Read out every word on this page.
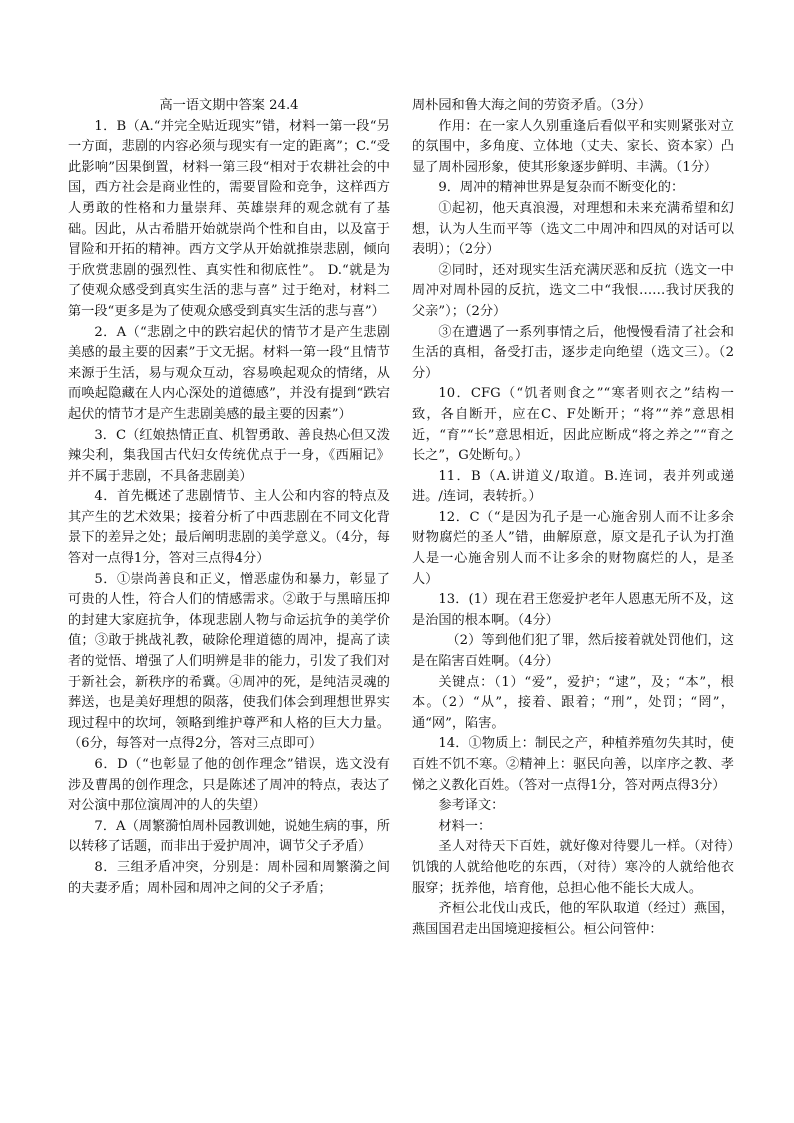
高一语文期中答案 24.4

1．B（A.“并完全贴近现实”错，材料一第一段“另一方面，悲剧的内容必须与现实有一定的距离”；C.“受此影响”因果倒置，材料一第三段“相对于农耕社会的中国，西方社会是商业性的，需要冒险和竞争，这样西方人勇敢的性格和力量崇拜、英雄崇拜的观念就有了基础。因此，从古希腊开始就崇尚个性和自由，以及富于冒险和开拓的精神。西方文学从开始就推崇悲剧，倾向于欣赏悲剧的强烈性、真实性和彻底性”。 D.“就是为了使观众感受到真实生活的悲与喜” 过于绝对，材料二第一段“更多是为了使观众感受到真实生活的悲与喜”）

2．A（“悲剧之中的跌宕起伏的情节才是产生悲剧美感的最主要的因素”于文无据。材料一第一段“且情节来源于生活，易与观众互动，容易唤起观众的情绪，从而唤起隐藏在人内心深处的道德感”，并没有提到“跌宕起伏的情节才是产生悲剧美感的最主要的因素”）

3．C（红娘热情正直、机智勇敢、善良热心但又泼辣尖利，集我国古代妇女传统优点于一身，《西厢记》并不属于悲剧，不具备悲剧美）

4．首先概述了悲剧情节、主人公和内容的特点及其产生的艺术效果；接着分析了中西悲剧在不同文化背景下的差异之处；最后阐明悲剧的美学意义。（4分，每答对一点得1分，答对三点得4分）

5．①崇尚善良和正义，憎恶虚伪和暴力，彰显了可贵的人性，符合人们的情感需求。②敢于与黑暗压抑的封建大家庭抗争，体现悲剧人物与命运抗争的美学价值；③敢于挑战礼教，破除伦理道德的周冲，提高了读者的觉悟、增强了人们明辨是非的能力，引发了我们对于新社会，新秩序的希冀。④周冲的死，是纯洁灵魂的葬送，也是美好理想的陨落，使我们体会到理想世界实现过程中的坎坷，领略到维护尊严和人格的巨大力量。（6分，每答对一点得2分，答对三点即可）

6．D（“也彰显了他的创作理念”错误，选文没有涉及曹禺的创作理念，只是陈述了周冲的特点，表达了对公演中那位演周冲的人的失望）

7．A（周繁漪怕周朴园教训她，说她生病的事，所以转移了话题，而非出于爱护周冲，调节父子矛盾）

8．三组矛盾冲突，分别是：周朴园和周繁漪之间的夫妻矛盾；周朴园和周冲之间的父子矛盾；

周朴园和鲁大海之间的劳资矛盾。（3分）

作用：在一家人久别重逢后看似平和实则紧张对立的氛围中，多角度、立体地（丈夫、家长、资本家）凸显了周朴园形象，使其形象逐步鲜明、丰满。（1分）

9．周冲的精神世界是复杂而不断变化的：

①起初，他天真浪漫，对理想和未来充满希望和幻想，认为人生而平等（选文二中周冲和四凤的对话可以表明）；（2分）

②同时，还对现实生活充满厌恶和反抗（选文一中周冲对周朴园的反抗，选文二中“我恨……我讨厌我的父亲”）；（2分）

③在遭遇了一系列事情之后，他慢慢看清了社会和生活的真相，备受打击，逐步走向绝望（选文三）。（2分）

10．CFG（“饥者则食之”“寒者则衣之”结构一致，各自断开，应在C、F处断开；“将”“养”意思相近，“育”“长”意思相近，因此应断成“将之养之”“育之长之”，G处断句。）

11．B（A.讲道义/取道。B.连词，表并列或递进。/连词，表转折。）

12．C（“是因为孔子是一心施舍别人而不让多余财物腐烂的圣人”错，曲解原意，原文是孔子认为打渔人是一心施舍别人而不让多余的财物腐烂的人，是圣人）

13．(1）现在君王您爱护老年人恩惠无所不及，这是治国的根本啊。（4分）

（2）等到他们犯了罪，然后接着就处罚他们，这是在陷害百姓啊。（4分）

关键点：（1）“爱”，爱护；“逮”，及；“本”，根本。（2）“从”，接着、跟着；“刑”，处罚；“罔”，通“网”，陷害。

14．①物质上：制民之产，种植养殖勿失其时，使百姓不饥不寒。②精神上：驱民向善，以庠序之教、孝悌之义教化百姓。（答对一点得1分，答对两点得3分）

参考译文：

材料一：

圣人对待天下百姓，就好像对待婴儿一样。（对待）饥饿的人就给他吃的东西，（对待）寒冷的人就给他衣服穿；抚养他，培育他，总担心他不能长大成人。

齐桓公北伐山戎氏，他的军队取道（经过）燕国，燕国国君走出国境迎接桓公。桓公问管仲：
